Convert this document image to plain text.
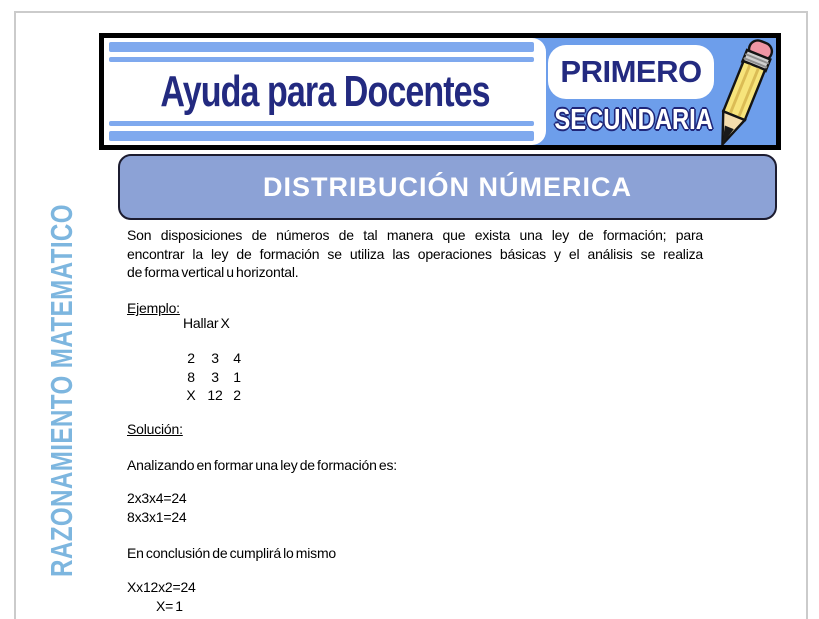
Ayuda para Docentes PRIMERO
SECUNDARIA
DISTRIBUCIÓN NÚMERICA
RAZONAMIENTO MATEMATICO	Son disposiciones de números de tal manera que exista una ley de formación; para
encontrar la ley de formación se utiliza las operaciones básicas y el análisis se realiza
de forma vertical u horizontal.
Ejemplo:
Hallar X
2	3	4
8	3	1
X 12 2
Solución:
Analizando en formar una ley de formación es:
2x3x4=24
8x3x1=24
En conclusión de cumplirá lo mismo
Xx12x2=24
X= 1
